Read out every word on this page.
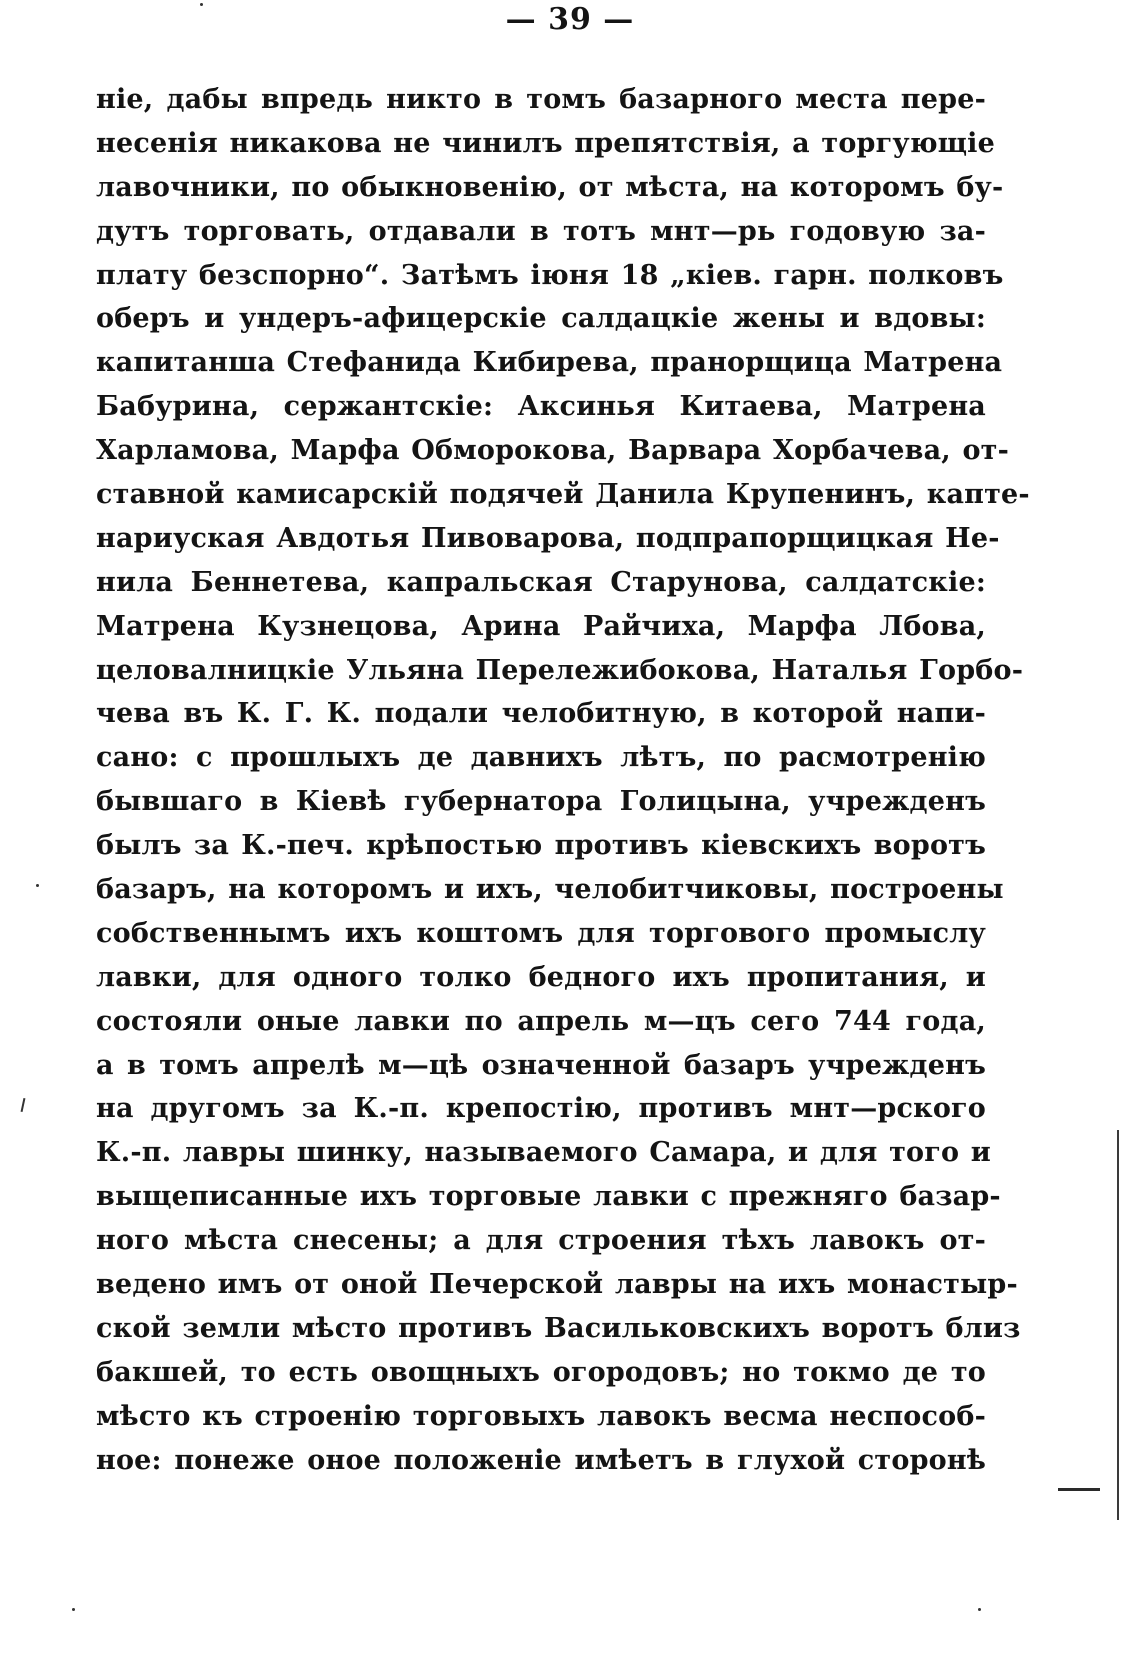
— 39 —
ніе, дабы впредь никто в томъ базарного места пере-
несенія никакова не чинилъ препятствія, а торгующіе
лавочники, по обыкновенію, от мѣста, на которомъ бу-
дутъ торговать, отдавали в тотъ мнт—рь годовую за-
плату безспорно“. Затѣмъ іюня 18 „кіев. гарн. полковъ
оберъ и ундеръ-афицерскіе салдацкіе жены и вдовы:
капитанша Стефанида Кибирева, пранорщица Матрена
Бабурина, сержантскіе: Аксинья Китаева, Матрена
Харламова, Марфа Обморокова, Варвара Хорбачева, от-
ставной камисарскій подячей Данила Крупенинъ, капте-
нариуская Авдотья Пивоварова, подпрапорщицкая Не-
нила Беннетева, капральская Старунова, салдатскіе:
Матрена Кузнецова, Арина Райчиха, Марфа Лбова,
целовалницкіе Ульяна Перележибокова, Наталья Горбо-
чева въ К. Г. К. подали челобитную, в которой напи-
сано: с прошлыхъ де давнихъ лѣтъ, по расмотренію
бывшаго в Кіевѣ губернатора Голицына, учрежденъ
былъ за К.-печ. крѣпостью противъ кіевскихъ воротъ
базаръ, на которомъ и ихъ, челобитчиковы, построены
собственнымъ ихъ коштомъ для торгового промыслу
лавки, для одного толко бедного ихъ пропитания, и
состояли оные лавки по апрель м—цъ сего 744 года,
а в томъ апрелѣ м—цѣ означенной базаръ учрежденъ
на другомъ за К.-п. крепостію, противъ мнт—рского
К.-п. лавры шинку, называемого Самара, и для того и
выщеписанные ихъ торговые лавки с прежняго базар-
ного мѣста снесены; а для строения тѣхъ лавокъ от-
ведено имъ от оной Печерской лавры на ихъ монастыр-
ской земли мѣсто противъ Васильковскихъ воротъ близ
бакшей, то есть овощныхъ огородовъ; но токмо де то
мѣсто къ строенію торговыхъ лавокъ весма неспособ-
ное: понеже оное положеніе имѣетъ в глухой сторонѣ
